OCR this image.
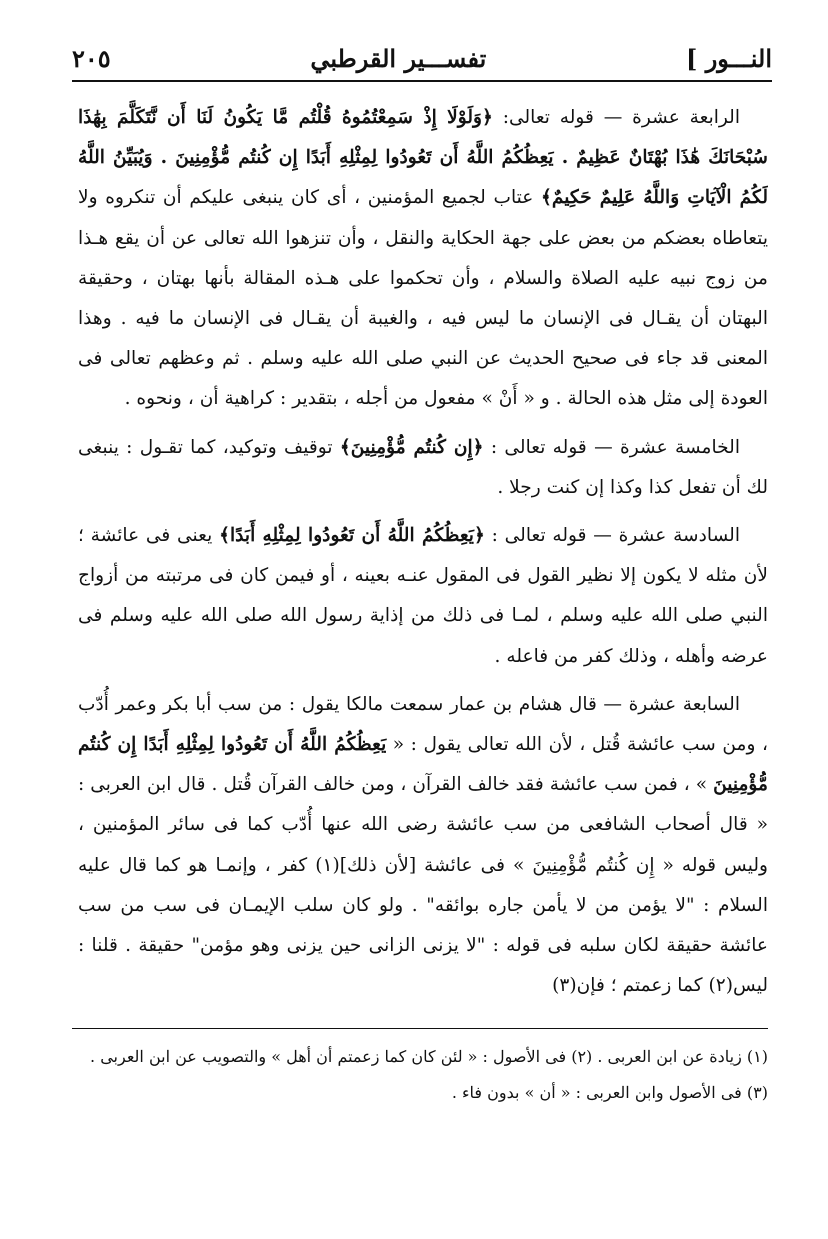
النـــور ]
تفســـير القرطبي
٢٠٥

الرابعة عشرة — قوله تعالى: ﴿وَلَوْلَا إِذْ سَمِعْتُمُوهُ قُلْتُم مَّا يَكُونُ لَنَا أَن نَّتَكَلَّمَ بِهَٰذَا سُبْحَانَكَ هَٰذَا بُهْتَانٌ عَظِيمٌ . يَعِظُكُمُ اللَّهُ أَن تَعُودُوا لِمِثْلِهِ أَبَدًا إِن كُنتُم مُّؤْمِنِينَ . وَيُبَيِّنُ اللَّهُ لَكُمُ الْآيَاتِ وَاللَّهُ عَلِيمٌ حَكِيمٌ﴾ عتاب لجميع المؤمنين ، أى كان ينبغى عليكم أن تنكروه ولا يتعاطاه بعضكم من بعض على جهة الحكاية والنقل ، وأن تنزهوا الله تعالى عن أن يقع هـذا من زوج نبيه عليه الصلاة والسلام ، وأن تحكموا على هـذه المقالة بأنها بهتان ، وحقيقة البهتان أن يقـال فى الإنسان ما ليس فيه ، والغيبة أن يقـال فى الإنسان ما فيه . وهذا المعنى قد جاء فى صحيح الحديث عن النبي صلى الله عليه وسلم . ثم وعظهم تعالى فى العودة إلى مثل هذه الحالة . و « أَنْ » مفعول من أجله ، بتقدير : كراهية أن ، ونحوه .

الخامسة عشرة — قوله تعالى : ﴿إِن كُنتُم مُّؤْمِنِينَ﴾ توقيف وتوكيد، كما تقـول : ينبغى لك أن تفعل كذا وكذا إن كنت رجلا .

السادسة عشرة — قوله تعالى : ﴿يَعِظُكُمُ اللَّهُ أَن تَعُودُوا لِمِثْلِهِ أَبَدًا﴾ يعنى فى عائشة ؛ لأن مثله لا يكون إلا نظير القول فى المقول عنـه بعينه ، أو فيمن كان فى مرتبته من أزواج النبي صلى الله عليه وسلم ، لمـا فى ذلك من إذاية رسول الله صلى الله عليه وسلم فى عرضه وأهله ، وذلك كفر من فاعله .

السابعة عشرة — قال هشام بن عمار سمعت مالكا يقول : من سب أبا بكر وعمر أُدّب ، ومن سب عائشة قُتل ، لأن الله تعالى يقول : « يَعِظُكُمُ اللَّهُ أَن تَعُودُوا لِمِثْلِهِ أَبَدًا إِن كُنتُم مُّؤْمِنِينَ » ، فمن سب عائشة فقد خالف القرآن ، ومن خالف القرآن قُتل . قال ابن العربى : « قال أصحاب الشافعى من سب عائشة رضى الله عنها أُدّب كما فى سائر المؤمنين ، وليس قوله « إِن كُنتُم مُّؤْمِنِينَ » فى عائشة [لأن ذلك](١) كفر ، وإنمـا هو كما قال عليه السلام : "لا يؤمن من لا يأمن جاره بوائقه" . ولو كان سلب الإيمـان فى سب من سب عائشة حقيقة لكان سلبه فى قوله : "لا يزنى الزانى حين يزنى وهو مؤمن" حقيقة . قلنا : ليس(٢) كما زعمتم ؛ فإن(٣)

(١) زيادة عن ابن العربى . (٢) فى الأصول : « لئن كان كما زعمتم أن أهل » والتصويب عن ابن العربى .
(٣) فى الأصول وابن العربى : « أن » بدون فاء .
